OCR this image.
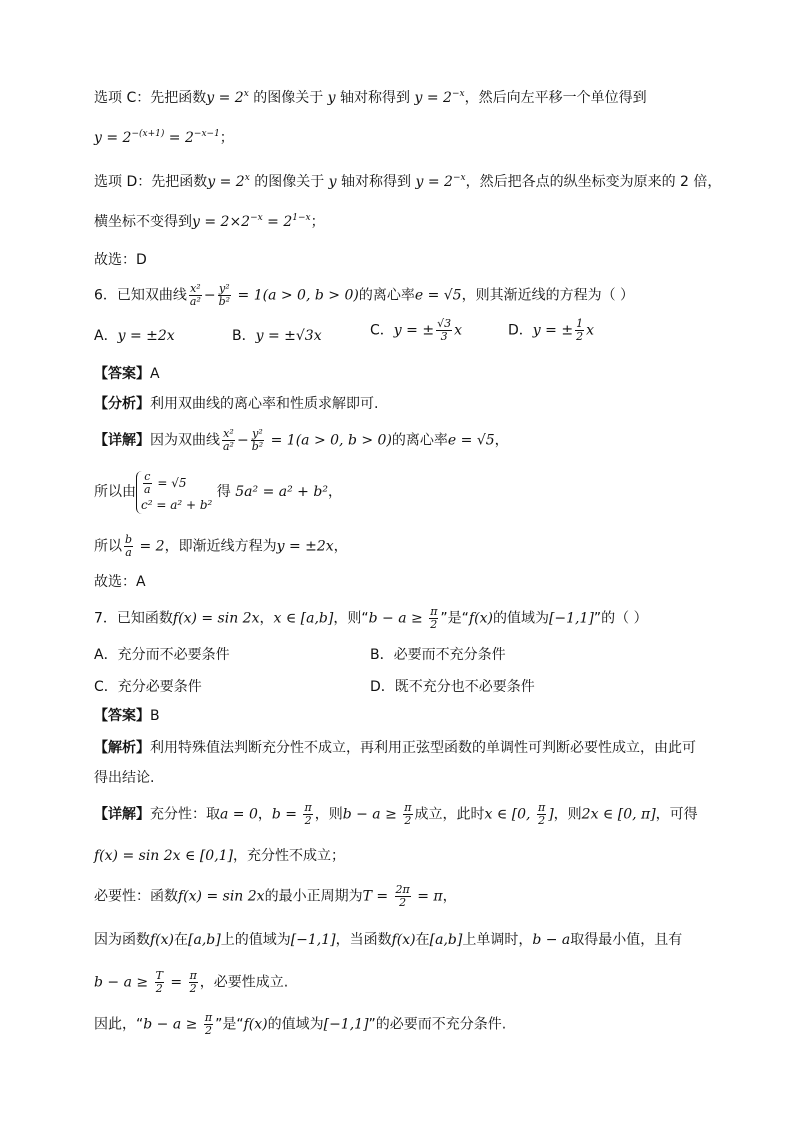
选项 C：先把函数$y = 2^x$ 的图像关于 y 轴对称得到 $y = 2^{-x}$，然后向左平移一个单位得到
$y = 2^{-(x+1)} = 2^{-x-1}$；
选项 D：先把函数$y = 2^x$ 的图像关于 y 轴对称得到 $y = 2^{-x}$，然后把各点的纵坐标变为原来的 2 倍，
横坐标不变得到$y = 2\times 2^{-x} = 2^{1-x}$；
故选：D
6．已知双曲线 $\frac{\text{x²}}{\text{a²}} - \frac{\text{y²}}{\text{b²}} = 1(a > 0$, b > 0)的离心率e = √5，则其渐近线的方程为（ ）
A．y = ±2x	B．y = ±√3x	C．y = ± $\frac{√3}{3}$ x	D．y = ± $\frac{1}{2}$ x
【答案】A
【分析】利用双曲线的离心率和性质求解即可.
【详解】因为双曲线 $\frac{\text{x²}}{\text{a²}} - \frac{\text{y²}}{\text{b²}} = 1(a > 0$, b > 0)的离心率e = √5，
所以由 $\frac{c}{a} = √5$
c² = a² + b²
得 5a² = a² + b²，
所以 $\frac{b}{a} = 2$，即渐近线方程为y = ±2x，
故选：A
7．已知函数f(x) = sin 2x，x ∈ [a,b]，则“$b - a \ge \frac{\pi}{2}$ ”是“f(x)的值域为[−1,1]”的（ ）
A．充分而不必要条件	B．必要而不充分条件
C．充分必要条件	D．既不充分也不必要条件
【答案】B
【解析】利用特殊值法判断充分性不成立，再利用正弦型函数的单调性可判断必要性成立，由此可
得出结论.
【详解】充分性：取a = 0，$b = \frac{\pi}{2}$ ，则$b - a \ge \frac{\pi}{2}$ 成立，此时x ∈ [0, $\frac{\pi}{2}$ ]，则2x ∈ [0, π]，可得
f(x) = sin 2x ∈ [0,1]，充分性不成立；
必要性：函数f(x) = sin 2x的最小正周期为$T = \frac{2\pi}{2} = \pi$，
因为函数f(x)在[a,b]上的值域为[−1,1]，当函数f(x)在[a,b]上单调时，b − a取得最小值，且有
$b - a \ge \frac{T}{2} = \frac{\pi}{2}$ ，必要性成立.
因此，“$b - a \ge \frac{\pi}{2}$ ”是“f(x)的值域为[−1,1]”的必要而不充分条件.
